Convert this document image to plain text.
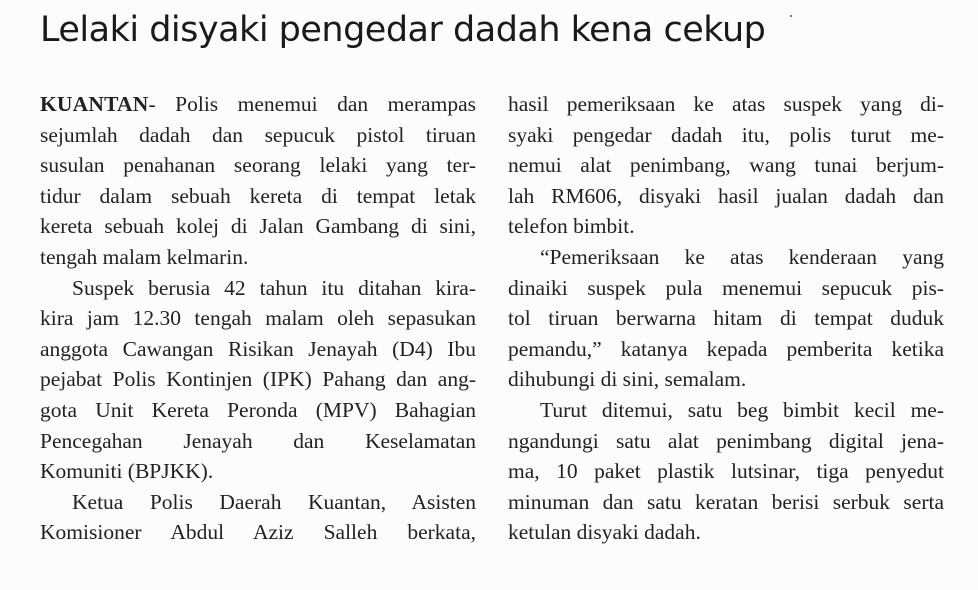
Lelaki disyaki pengedar dadah kena cekup
KUANTAN- Polis menemui dan merampas
sejumlah dadah dan sepucuk pistol tiruan
susulan penahanan seorang lelaki yang ter-
tidur dalam sebuah kereta di tempat letak
kereta sebuah kolej di Jalan Gambang di sini,
tengah malam kelmarin.
Suspek berusia 42 tahun itu ditahan kira-
kira jam 12.30 tengah malam oleh sepasukan
anggota Cawangan Risikan Jenayah (D4) Ibu
pejabat Polis Kontinjen (IPK) Pahang dan ang-
gota Unit Kereta Peronda (MPV) Bahagian
Pencegahan Jenayah dan Keselamatan
Komuniti (BPJKK).
Ketua Polis Daerah Kuantan, Asisten
Komisioner Abdul Aziz Salleh berkata,
hasil pemeriksaan ke atas suspek yang di-
syaki pengedar dadah itu, polis turut me-
nemui alat penimbang, wang tunai berjum-
lah RM606, disyaki hasil jualan dadah dan
telefon bimbit.
“Pemeriksaan ke atas kenderaan yang
dinaiki suspek pula menemui sepucuk pis-
tol tiruan berwarna hitam di tempat duduk
pemandu,” katanya kepada pemberita ketika
dihubungi di sini, semalam.
Turut ditemui, satu beg bimbit kecil me-
ngandungi satu alat penimbang digital jena-
ma, 10 paket plastik lutsinar, tiga penyedut
minuman dan satu keratan berisi serbuk serta
ketulan disyaki dadah.
